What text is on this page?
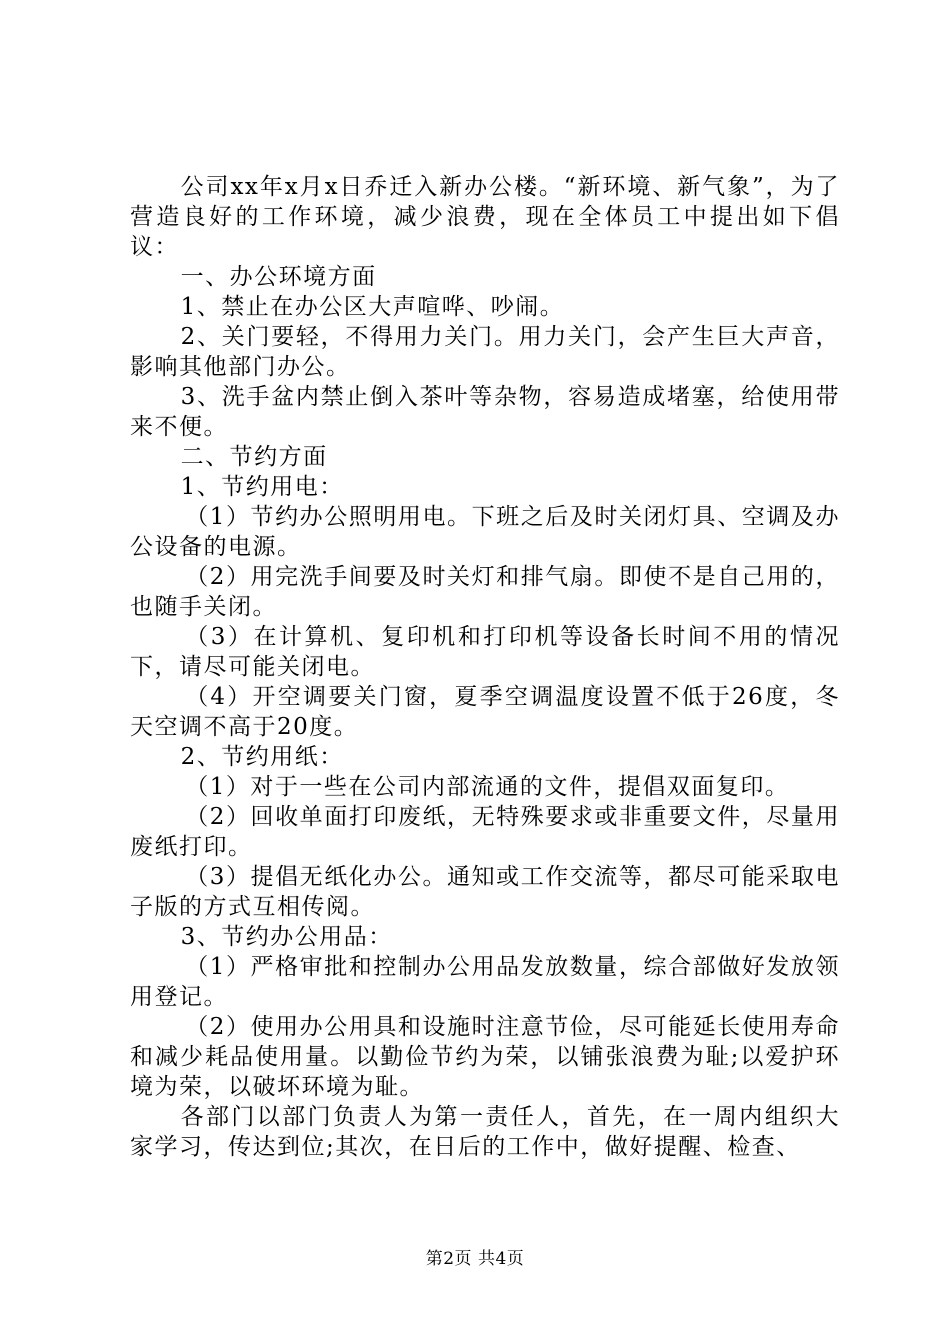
公司xx年x月x日乔迁入新办公楼。“新环境、新气象”，为了营造良好的工作环境，减少浪费，现在全体员工中提出如下倡议：

一、办公环境方面

1、禁止在办公区大声喧哗、吵闹。

2、关门要轻，不得用力关门。用力关门，会产生巨大声音，影响其他部门办公。

3、洗手盆内禁止倒入茶叶等杂物，容易造成堵塞，给使用带来不便。

二、节约方面

1、节约用电：

（1）节约办公照明用电。下班之后及时关闭灯具、空调及办公设备的电源。

（2）用完洗手间要及时关灯和排气扇。即使不是自己用的，也随手关闭。

（3）在计算机、复印机和打印机等设备长时间不用的情况下，请尽可能关闭电。

（4）开空调要关门窗，夏季空调温度设置不低于26度，冬天空调不高于20度。

2、节约用纸：

（1）对于一些在公司内部流通的文件，提倡双面复印。

（2）回收单面打印废纸，无特殊要求或非重要文件，尽量用废纸打印。

（3）提倡无纸化办公。通知或工作交流等，都尽可能采取电子版的方式互相传阅。

3、节约办公用品：

（1）严格审批和控制办公用品发放数量，综合部做好发放领用登记。

（2）使用办公用具和设施时注意节俭，尽可能延长使用寿命和减少耗品使用量。以勤俭节约为荣，以铺张浪费为耻;以爱护环境为荣，以破坏环境为耻。

各部门以部门负责人为第一责任人，首先，在一周内组织大家学习，传达到位;其次，在日后的工作中，做好提醒、检查、

第2页 共4页
